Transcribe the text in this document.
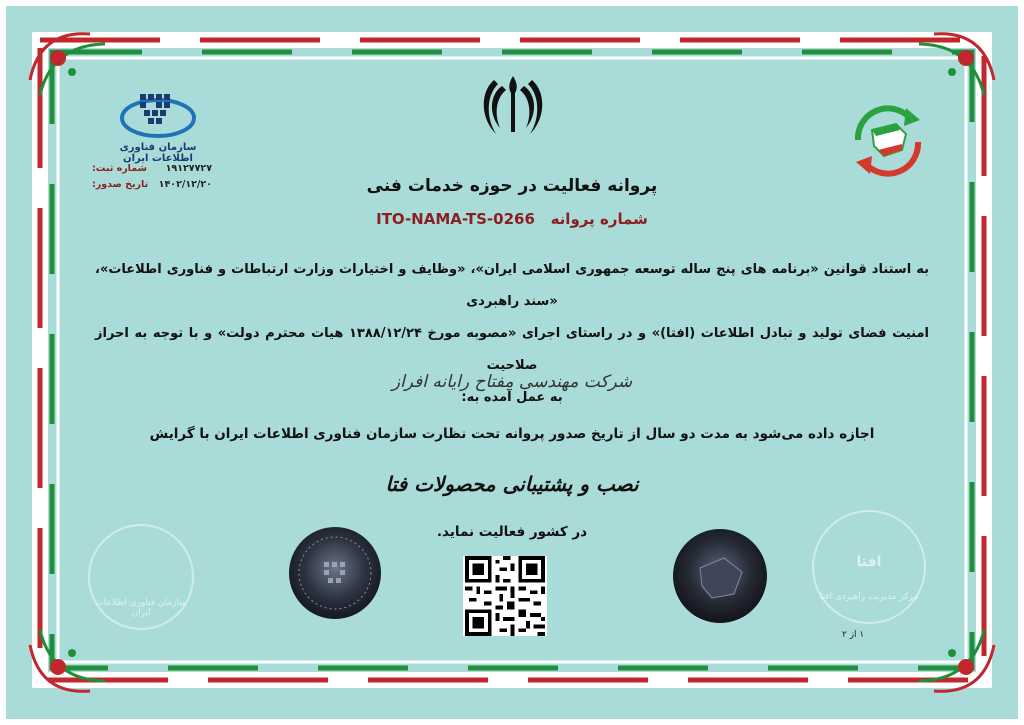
سازمان فناوری اطلاعات ایران
شماره ثبت: ۱۹۱۲۷۷۲۷
تاریخ صدور: ۱۴۰۲/۱۲/۲۰	پروانه فعالیت در حوزه خدمات فنی
شماره پروانه   ITO-NAMA-TS-0266
به استناد قوانین «برنامه های پنج ساله توسعه جمهوری اسلامی ایران»، «وظایف و اختیارات وزارت ارتباطات و فناوری اطلاعات»، «سند راهبردی
امنیت فضای تولید و تبادل اطلاعات (افتا)» و در راستای اجرای «مصوبه مورخ ۱۳۸۸/۱۲/۲۴ هیات محترم دولت» و با توجه به احراز صلاحیت
به عمل آمده به:
شرکت مهندسی مفتاح رایانه افراز
اجازه داده می‌شود به مدت دو سال از تاریخ صدور پروانه تحت نظارت سازمان فناوری اطلاعات ایران با گرایش
نصب و پشتیبانی محصولات فتا
در کشور فعالیت نماید.
سازمان فناوری اطلاعات ایران
افتا
مرکز مدیریت راهبردی افتا
۱ از ۲
